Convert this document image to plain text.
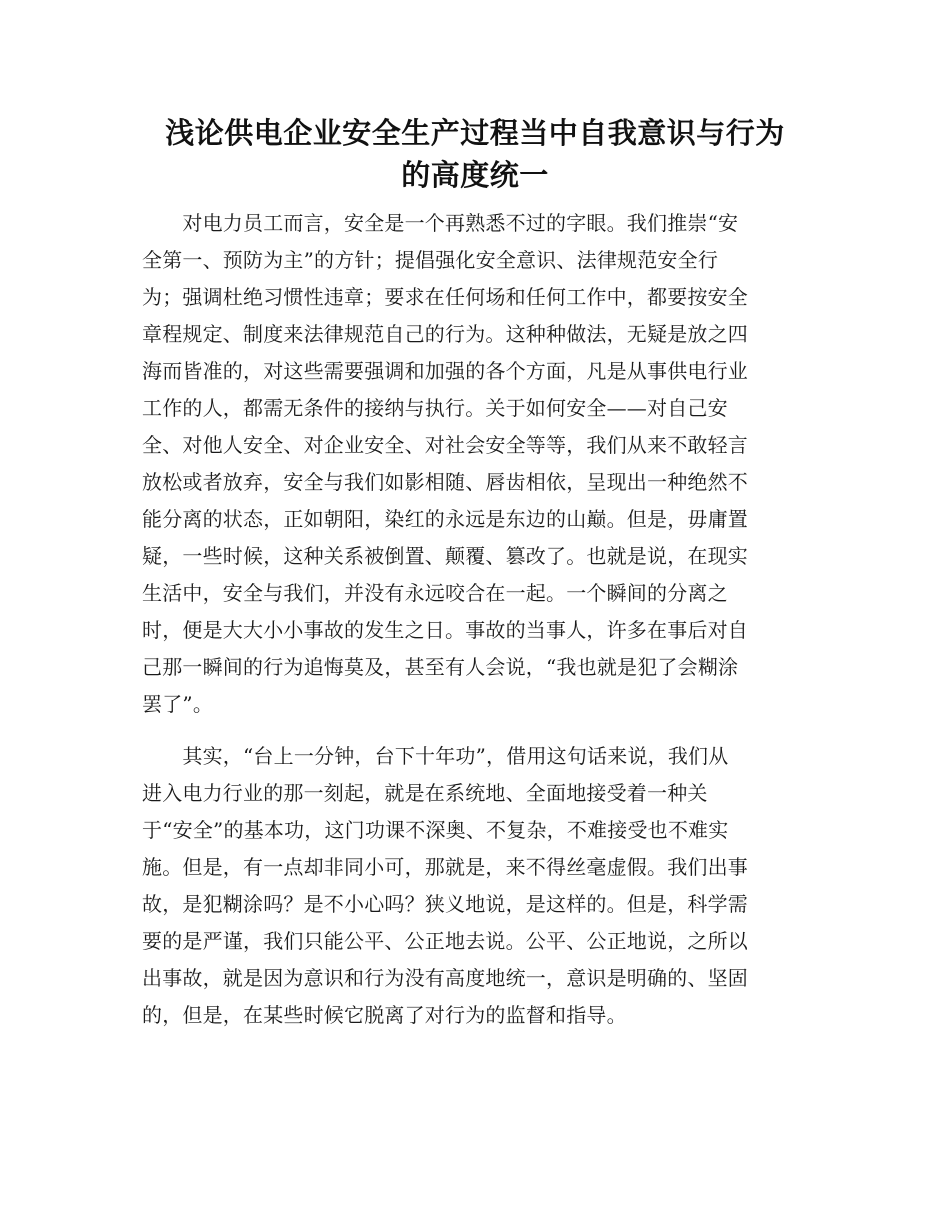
浅论供电企业安全生产过程当中自我意识与行为
的高度统一

　　对电力员工而言，安全是一个再熟悉不过的字眼。我们推崇“安
全第一、预防为主”的方针；提倡强化安全意识、法律规范安全行
为；强调杜绝习惯性违章；要求在任何场和任何工作中，都要按安全
章程规定、制度来法律规范自己的行为。这种种做法，无疑是放之四
海而皆准的，对这些需要强调和加强的各个方面，凡是从事供电行业
工作的人，都需无条件的接纳与执行。关于如何安全——对自己安
全、对他人安全、对企业安全、对社会安全等等，我们从来不敢轻言
放松或者放弃，安全与我们如影相随、唇齿相依，呈现出一种绝然不
能分离的状态，正如朝阳，染红的永远是东边的山巅。但是，毋庸置
疑，一些时候，这种关系被倒置、颠覆、篡改了。也就是说，在现实
生活中，安全与我们，并没有永远咬合在一起。一个瞬间的分离之
时，便是大大小小事故的发生之日。事故的当事人，许多在事后对自
己那一瞬间的行为追悔莫及，甚至有人会说，“我也就是犯了会糊涂
罢了”。

　　其实，“台上一分钟，台下十年功”，借用这句话来说，我们从
进入电力行业的那一刻起，就是在系统地、全面地接受着一种关
于“安全”的基本功，这门功课不深奥、不复杂，不难接受也不难实
施。但是，有一点却非同小可，那就是，来不得丝毫虚假。我们出事
故，是犯糊涂吗？是不小心吗？狭义地说，是这样的。但是，科学需
要的是严谨，我们只能公平、公正地去说。公平、公正地说，之所以
出事故，就是因为意识和行为没有高度地统一，意识是明确的、坚固
的，但是，在某些时候它脱离了对行为的监督和指导。
